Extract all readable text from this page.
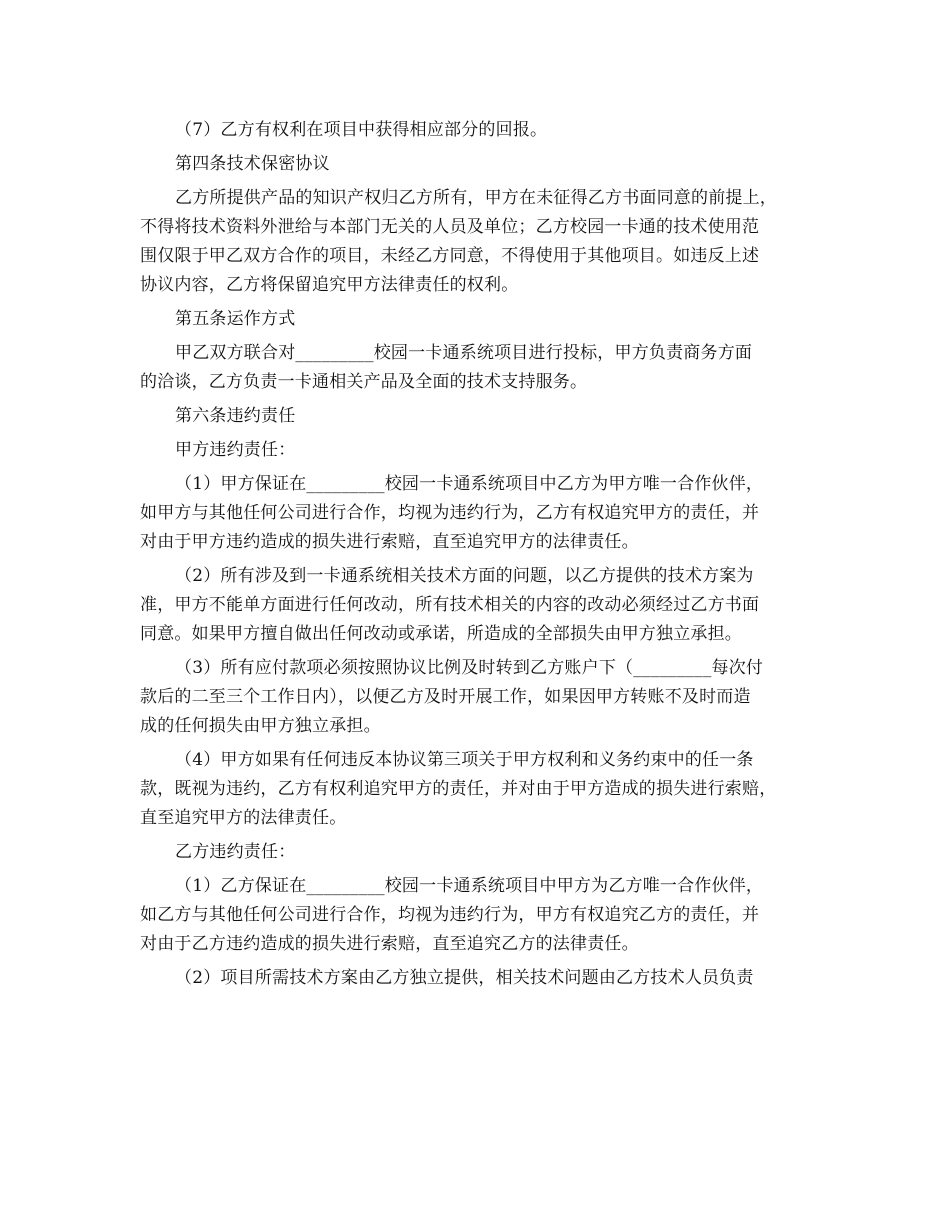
（7）乙方有权利在项目中获得相应部分的回报。
第四条技术保密协议
乙方所提供产品的知识产权归乙方所有，甲方在未征得乙方书面同意的前提上，
不得将技术资料外泄给与本部门无关的人员及单位；乙方校园一卡通的技术使用范
围仅限于甲乙双方合作的项目，未经乙方同意，不得使用于其他项目。如违反上述
协议内容，乙方将保留追究甲方法律责任的权利。
第五条运作方式
甲乙双方联合对_________校园一卡通系统项目进行投标，甲方负责商务方面
的洽谈，乙方负责一卡通相关产品及全面的技术支持服务。
第六条违约责任
甲方违约责任：
（1）甲方保证在_________校园一卡通系统项目中乙方为甲方唯一合作伙伴，
如甲方与其他任何公司进行合作，均视为违约行为，乙方有权追究甲方的责任，并
对由于甲方违约造成的损失进行索赔，直至追究甲方的法律责任。
（2）所有涉及到一卡通系统相关技术方面的问题，以乙方提供的技术方案为
准，甲方不能单方面进行任何改动，所有技术相关的内容的改动必须经过乙方书面
同意。如果甲方擅自做出任何改动或承诺，所造成的全部损失由甲方独立承担。
（3）所有应付款项必须按照协议比例及时转到乙方账户下（_________每次付
款后的二至三个工作日内），以便乙方及时开展工作，如果因甲方转账不及时而造
成的任何损失由甲方独立承担。
（4）甲方如果有任何违反本协议第三项关于甲方权利和义务约束中的任一条
款，既视为违约，乙方有权利追究甲方的责任，并对由于甲方造成的损失进行索赔，
直至追究甲方的法律责任。
乙方违约责任：
（1）乙方保证在_________校园一卡通系统项目中甲方为乙方唯一合作伙伴，
如乙方与其他任何公司进行合作，均视为违约行为，甲方有权追究乙方的责任，并
对由于乙方违约造成的损失进行索赔，直至追究乙方的法律责任。
（2）项目所需技术方案由乙方独立提供，相关技术问题由乙方技术人员负责
